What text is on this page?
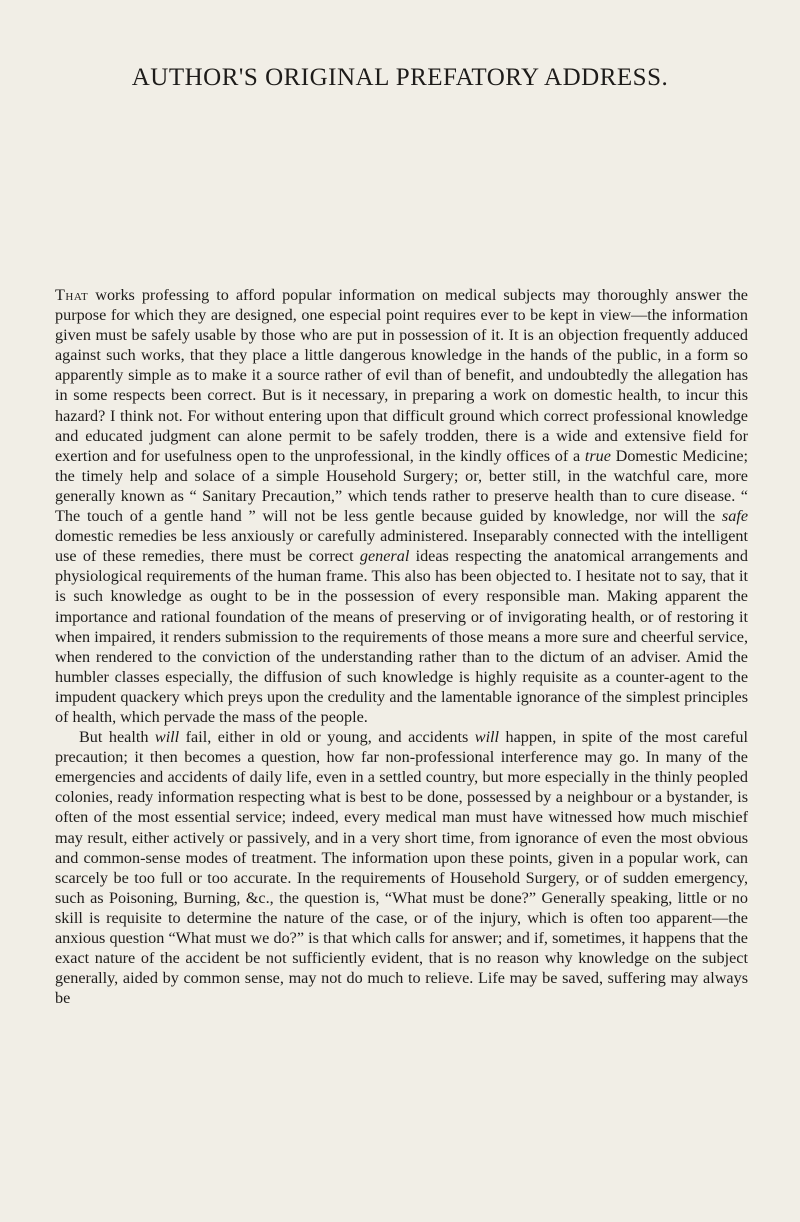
AUTHOR'S ORIGINAL PREFATORY ADDRESS.

That works professing to afford popular information on medical subjects may thoroughly answer the purpose for which they are designed, one especial point requires ever to be kept in view—the information given must be safely usable by those who are put in possession of it. It is an objection frequently adduced against such works, that they place a little dangerous knowledge in the hands of the public, in a form so apparently simple as to make it a source rather of evil than of benefit, and undoubtedly the allegation has in some respects been correct. But is it necessary, in preparing a work on domestic health, to incur this hazard? I think not. For without entering upon that difficult ground which correct professional knowledge and educated judgment can alone permit to be safely trodden, there is a wide and extensive field for exertion and for usefulness open to the unprofessional, in the kindly offices of a true Domestic Medicine; the timely help and solace of a simple Household Surgery; or, better still, in the watchful care, more generally known as “ Sanitary Precaution,” which tends rather to preserve health than to cure disease. “ The touch of a gentle hand ” will not be less gentle because guided by knowledge, nor will the safe domestic remedies be less anxiously or carefully administered. Inseparably connected with the intelligent use of these remedies, there must be correct general ideas respecting the anatomical arrangements and physiological requirements of the human frame. This also has been objected to. I hesitate not to say, that it is such knowledge as ought to be in the possession of every responsible man. Making apparent the importance and rational foundation of the means of preserving or of invigorating health, or of restoring it when impaired, it renders submission to the requirements of those means a more sure and cheerful service, when rendered to the conviction of the understanding rather than to the dictum of an adviser. Amid the humbler classes especially, the diffusion of such knowledge is highly requisite as a counter-agent to the impudent quackery which preys upon the credulity and the lamentable ignorance of the simplest principles of health, which pervade the mass of the people.

But health will fail, either in old or young, and accidents will happen, in spite of the most careful precaution; it then becomes a question, how far non-professional interference may go. In many of the emergencies and accidents of daily life, even in a settled country, but more especially in the thinly peopled colonies, ready information respecting what is best to be done, possessed by a neighbour or a bystander, is often of the most essential service; indeed, every medical man must have witnessed how much mischief may result, either actively or passively, and in a very short time, from ignorance of even the most obvious and common-sense modes of treatment. The information upon these points, given in a popular work, can scarcely be too full or too accurate. In the requirements of Household Surgery, or of sudden emergency, such as Poisoning, Burning, &c., the question is, “What must be done?” Generally speaking, little or no skill is requisite to determine the nature of the case, or of the injury, which is often too apparent—the anxious question “What must we do?” is that which calls for answer; and if, sometimes, it happens that the exact nature of the accident be not sufficiently evident, that is no reason why knowledge on the subject generally, aided by common sense, may not do much to relieve. Life may be saved, suffering may always be
